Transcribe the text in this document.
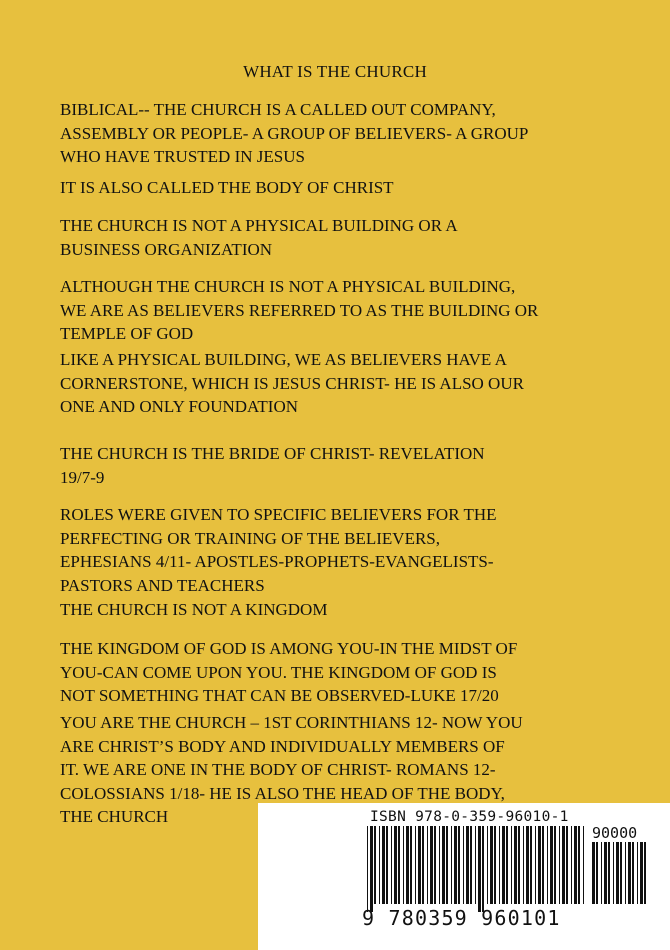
WHAT IS THE CHURCH

BIBLICAL-- THE CHURCH IS A CALLED OUT COMPANY,
ASSEMBLY OR PEOPLE- A GROUP OF BELIEVERS- A GROUP
WHO HAVE TRUSTED IN JESUS

IT IS ALSO CALLED THE BODY OF CHRIST

THE CHURCH IS NOT A PHYSICAL BUILDING OR A
BUSINESS ORGANIZATION

ALTHOUGH THE CHURCH IS NOT A PHYSICAL BUILDING,
WE ARE AS BELIEVERS REFERRED TO AS THE BUILDING OR
TEMPLE OF GOD

LIKE A PHYSICAL BUILDING, WE AS BELIEVERS HAVE A
CORNERSTONE, WHICH IS JESUS CHRIST- HE IS ALSO OUR
ONE AND ONLY FOUNDATION

THE CHURCH IS THE BRIDE OF CHRIST- REVELATION
19/7-9

ROLES WERE GIVEN TO SPECIFIC BELIEVERS FOR THE
PERFECTING OR TRAINING OF THE BELIEVERS,
EPHESIANS 4/11- APOSTLES-PROPHETS-EVANGELISTS-
PASTORS AND TEACHERS

THE CHURCH IS NOT A KINGDOM

THE KINGDOM OF GOD IS AMONG YOU-IN THE MIDST OF
YOU-CAN COME UPON YOU. THE KINGDOM OF GOD IS
NOT SOMETHING THAT CAN BE OBSERVED-LUKE 17/20

YOU ARE THE CHURCH – 1ST CORINTHIANS 12- NOW YOU
ARE CHRIST’S BODY AND INDIVIDUALLY MEMBERS OF
IT. WE ARE ONE IN THE BODY OF CHRIST- ROMANS 12-
COLOSSIANS 1/18- HE IS ALSO THE HEAD OF THE BODY,
THE CHURCH	ISBN 978-0-359-96010-1
90000
9 780359 960101
